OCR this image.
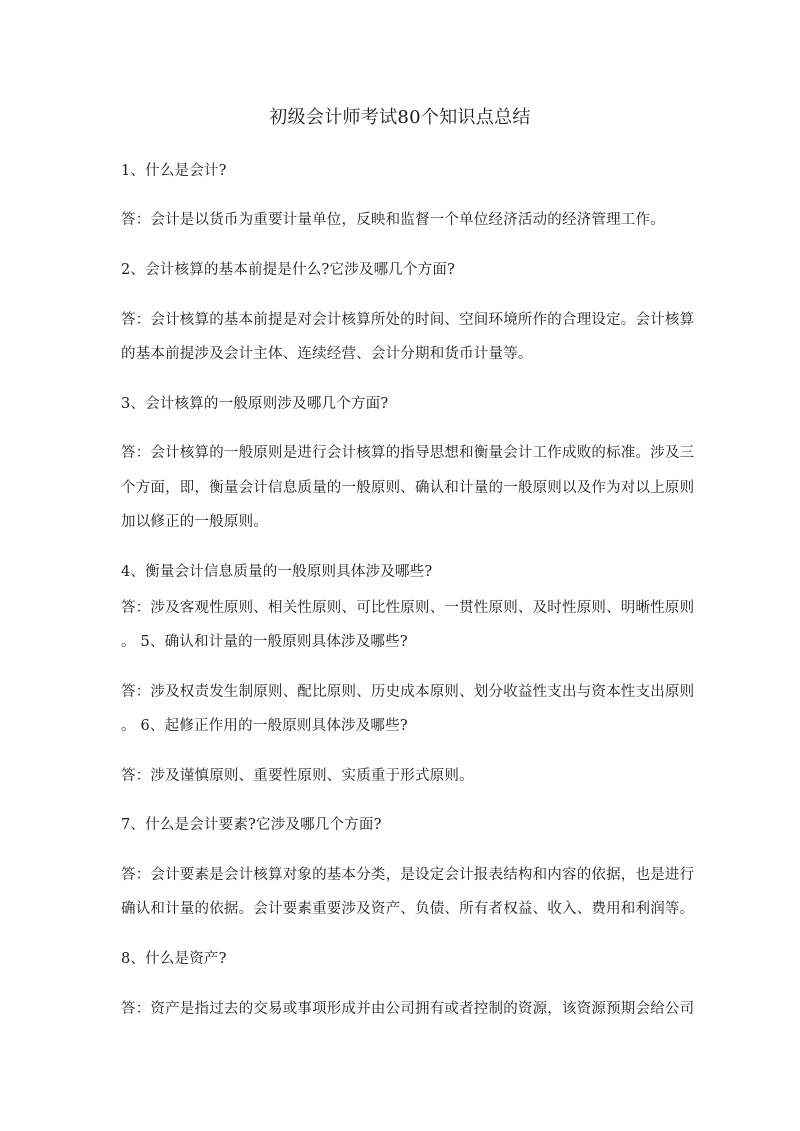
初级会计师考试80个知识点总结
1、什么是会计?
答：会计是以货币为重要计量单位，反映和监督一个单位经济活动的经济管理工作。
2、会计核算的基本前提是什么?它涉及哪几个方面?
答：会计核算的基本前提是对会计核算所处的时间、空间环境所作的合理设定。会计核算
的基本前提涉及会计主体、连续经营、会计分期和货币计量等。
3、会计核算的一般原则涉及哪几个方面?
答：会计核算的一般原则是进行会计核算的指导思想和衡量会计工作成败的标准。涉及三
个方面，即，衡量会计信息质量的一般原则、确认和计量的一般原则以及作为对以上原则
加以修正的一般原则。
4、衡量会计信息质量的一般原则具体涉及哪些?
答：涉及客观性原则、相关性原则、可比性原则、一贯性原则、及时性原则、明晰性原则
。 5、确认和计量的一般原则具体涉及哪些?
答：涉及权责发生制原则、配比原则、历史成本原则、划分收益性支出与资本性支出原则
。 6、起修正作用的一般原则具体涉及哪些?
答：涉及谨慎原则、重要性原则、实质重于形式原则。
7、什么是会计要素?它涉及哪几个方面?
答：会计要素是会计核算对象的基本分类，是设定会计报表结构和内容的依据，也是进行
确认和计量的依据。会计要素重要涉及资产、负债、所有者权益、收入、费用和利润等。
8、什么是资产?
答：资产是指过去的交易或事项形成并由公司拥有或者控制的资源，该资源预期会给公司
